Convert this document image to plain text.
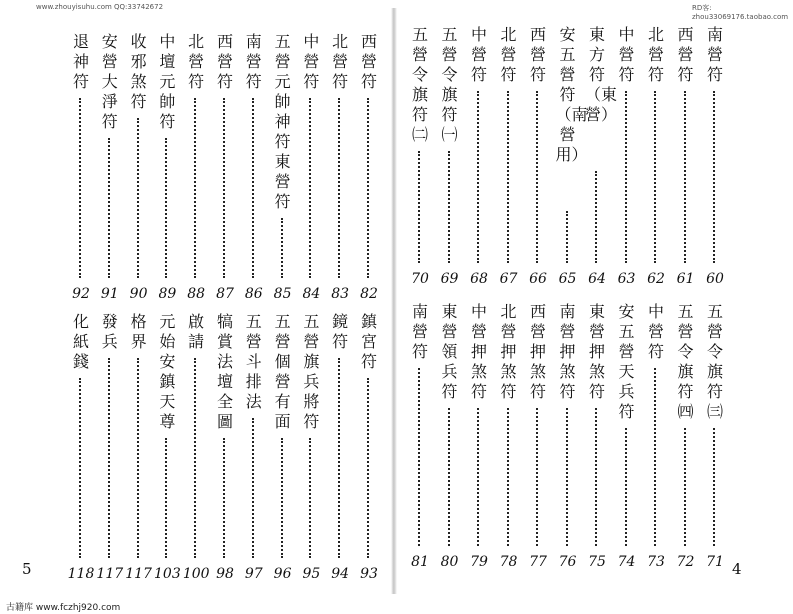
www.zhouyisuhu.com QQ:33742672	RD客: zhou33069176.taobao.com
西營符
82
北營符
83
中營符
84
五營元帥神符東營符
85
南營符
86
西營符
87
北營符
88
中壇元帥符
89
收邪煞符
90
安營大淨符
91
退神符
92
鎮宮符
93
鏡符
94
五營旗兵將符
95
五營個營有面
96
五營斗排法
97
犒賞法壇全圖
98
啟請
100
元始安鎮天尊
103
格界
117
發兵
117
化紙錢
118
南營符
60
西營符
61
北營符
62
中營符
63
東方符（東營）
64
安五營符（南營用）
65
西營符
66
北營符
67
中營符
68
五營令旗符㈠
69
五營令旗符㈡
70
五營令旗符㈢
71
五營令旗符㈣
72
中營符
73
安五營天兵符
74
東營押煞符
75
南營押煞符
76
西營押煞符
77
北營押煞符
78
中營押煞符
79
東營領兵符
80
南營符
81
5	4
古籍库 www.fczhj920.com
